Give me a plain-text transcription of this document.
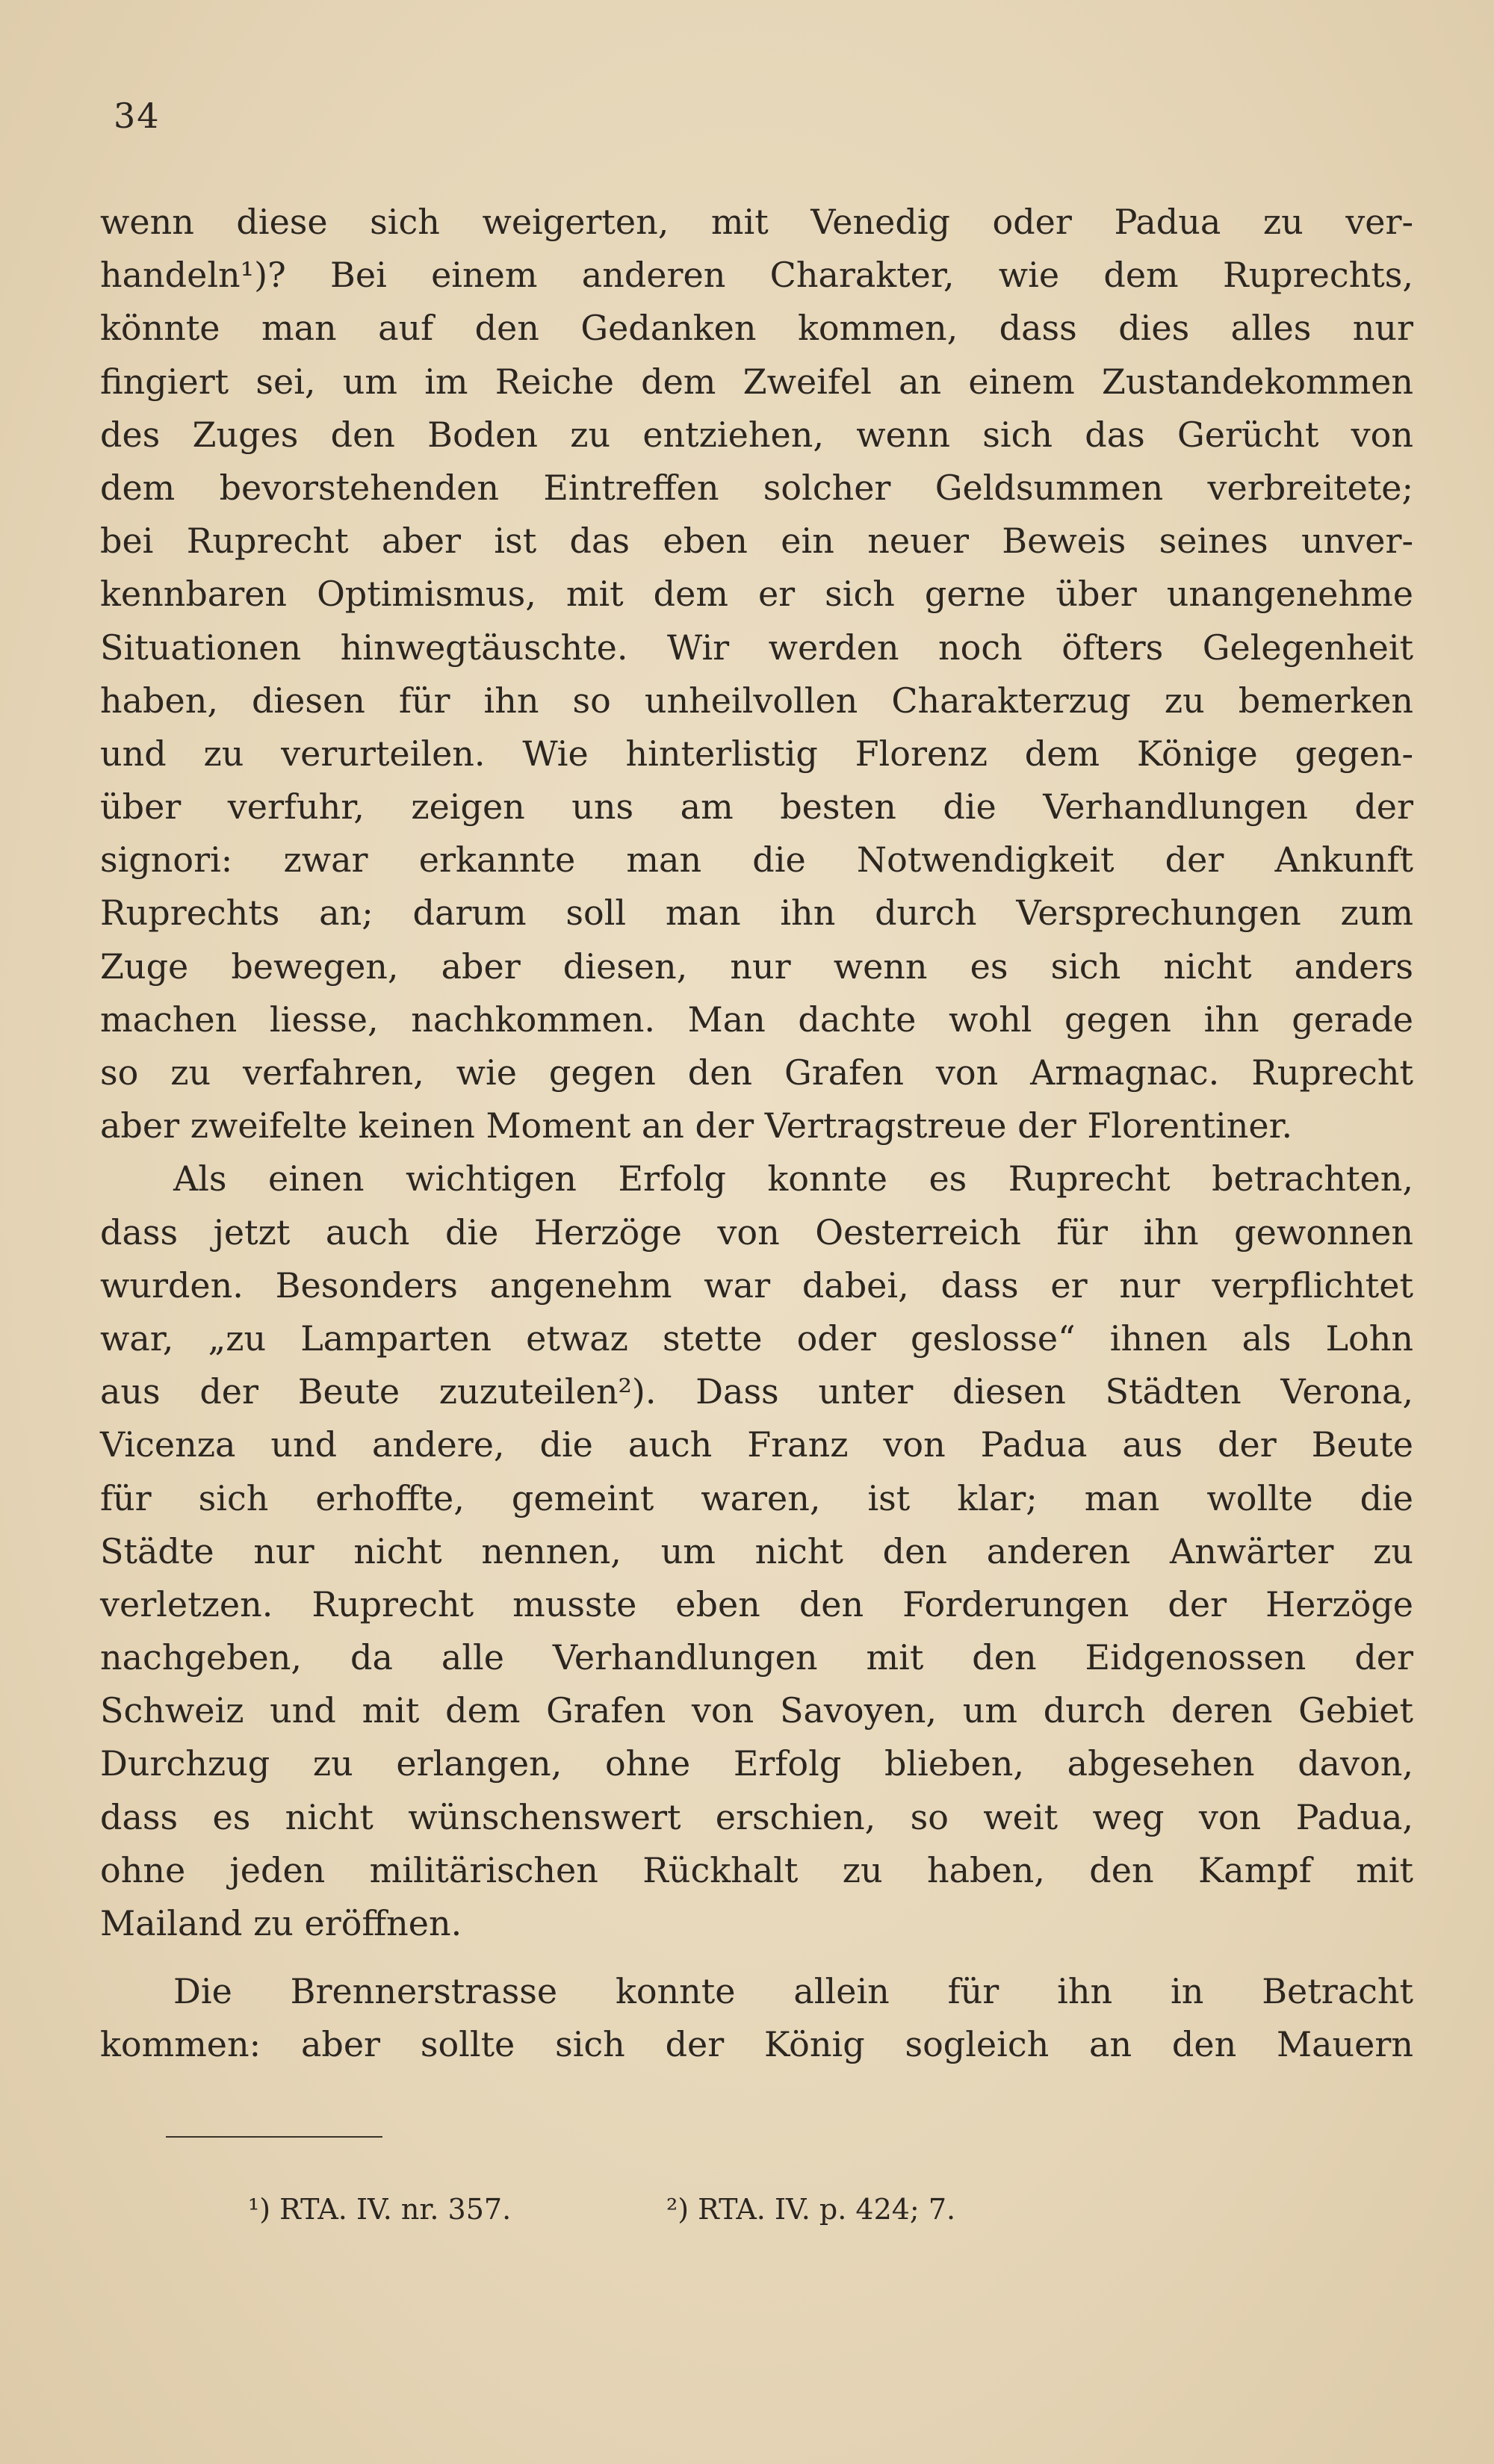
34
wenn diese sich weigerten, mit Venedig oder Padua zu ver-
handeln¹)? Bei einem anderen Charakter, wie dem Ruprechts,
könnte man auf den Gedanken kommen, dass dies alles nur
fingiert sei, um im Reiche dem Zweifel an einem Zustandekommen
des Zuges den Boden zu entziehen, wenn sich das Gerücht von
dem bevorstehenden Eintreffen solcher Geldsummen verbreitete;
bei Ruprecht aber ist das eben ein neuer Beweis seines unver-
kennbaren Optimismus, mit dem er sich gerne über unangenehme
Situationen hinwegtäuschte. Wir werden noch öfters Gelegenheit
haben, diesen für ihn so unheilvollen Charakterzug zu bemerken
und zu verurteilen. Wie hinterlistig Florenz dem Könige gegen-
über verfuhr, zeigen uns am besten die Verhandlungen der
signori: zwar erkannte man die Notwendigkeit der Ankunft
Ruprechts an; darum soll man ihn durch Versprechungen zum
Zuge bewegen, aber diesen, nur wenn es sich nicht anders
machen liesse, nachkommen. Man dachte wohl gegen ihn gerade
so zu verfahren, wie gegen den Grafen von Armagnac. Ruprecht
aber zweifelte keinen Moment an der Vertragstreue der Florentiner.
Als einen wichtigen Erfolg konnte es Ruprecht betrachten,
dass jetzt auch die Herzöge von Oesterreich für ihn gewonnen
wurden. Besonders angenehm war dabei, dass er nur verpflichtet
war, „zu Lamparten etwaz stette oder geslosse“ ihnen als Lohn
aus der Beute zuzuteilen²). Dass unter diesen Städten Verona,
Vicenza und andere, die auch Franz von Padua aus der Beute
für sich erhoffte, gemeint waren, ist klar; man wollte die
Städte nur nicht nennen, um nicht den anderen Anwärter zu
verletzen. Ruprecht musste eben den Forderungen der Herzöge
nachgeben, da alle Verhandlungen mit den Eidgenossen der
Schweiz und mit dem Grafen von Savoyen, um durch deren Gebiet
Durchzug zu erlangen, ohne Erfolg blieben, abgesehen davon,
dass es nicht wünschenswert erschien, so weit weg von Padua,
ohne jeden militärischen Rückhalt zu haben, den Kampf mit
Mailand zu eröffnen.
Die Brennerstrasse konnte allein für ihn in Betracht
kommen: aber sollte sich der König sogleich an den Mauern
¹) RTA. IV. nr. 357.	²) RTA. IV. p. 424; 7.
